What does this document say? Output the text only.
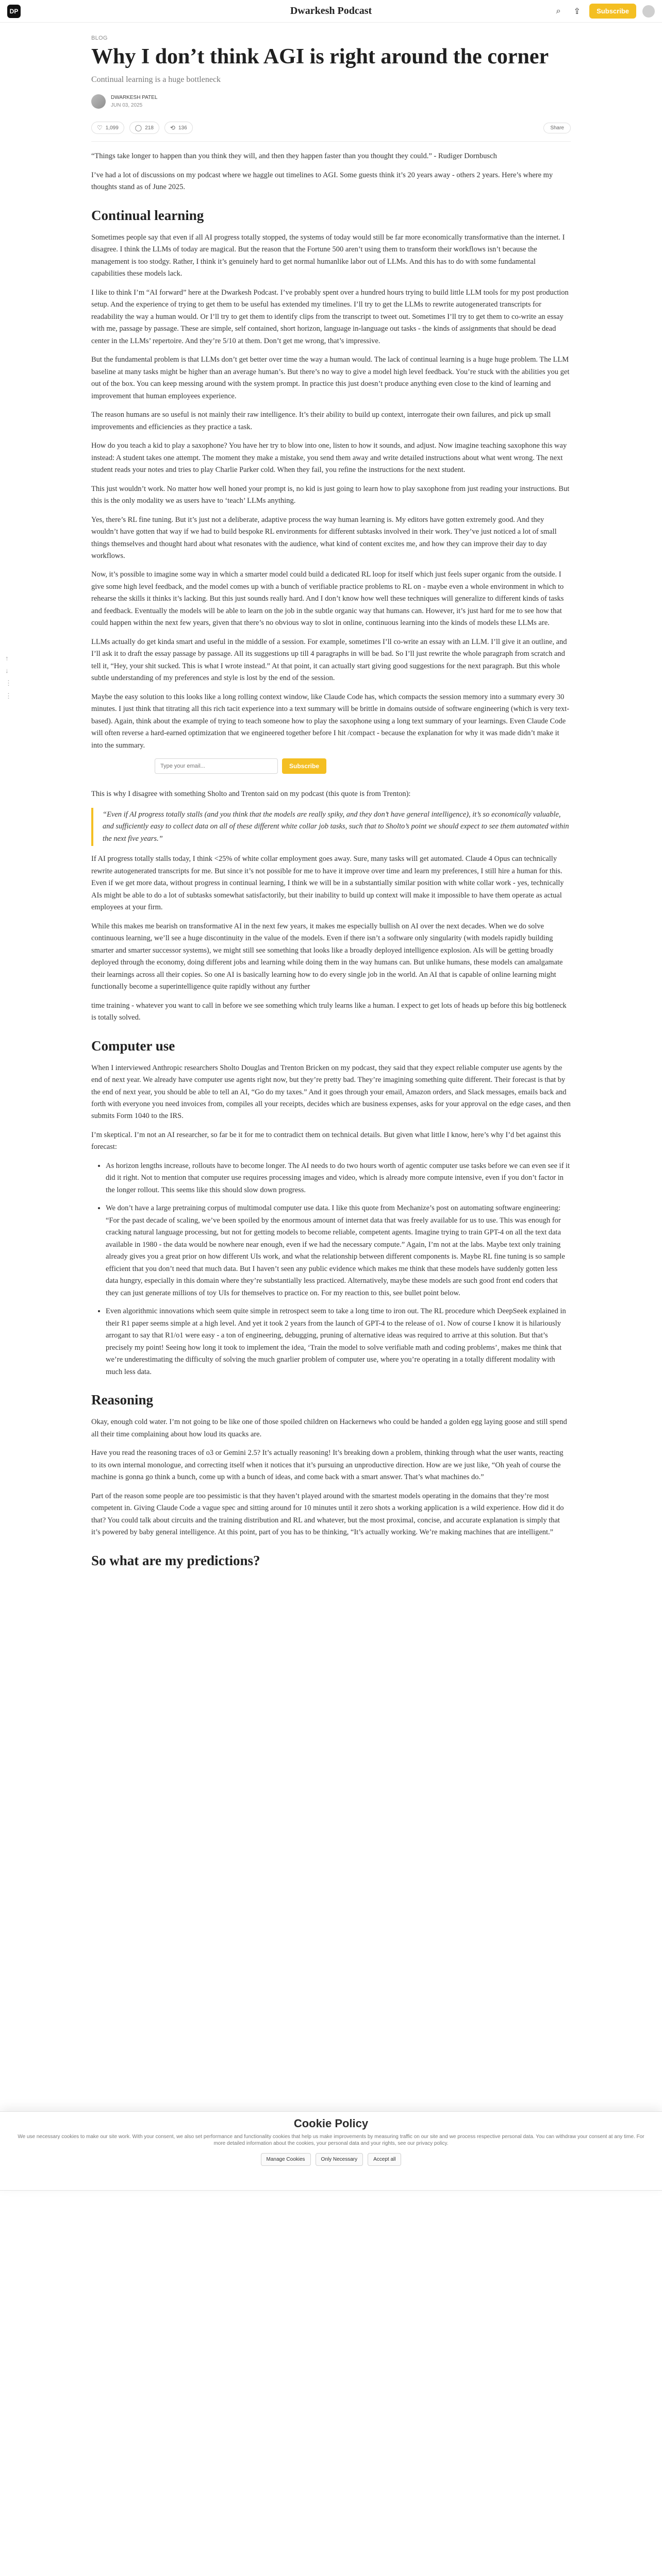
DP	Dwarkesh Podcast	⌕	⇪	Subscribe
↑
↓
⋮
⋮
BLOG
Why I don’t think AGI is right around the corner
Continual learning is a huge bottleneck
DWARKESH PATEL
JUN 03, 2025
♡ 1,099	◯ 218	⟲ 136	Share

“Things take longer to happen than you think they will, and then they happen faster than you thought they could.” - Rudiger Dornbusch

I’ve had a lot of discussions on my podcast where we haggle out timelines to AGI. Some guests think it’s 20 years away - others 2 years. Here’s where my thoughts stand as of June 2025.

Continual learning

Sometimes people say that even if all AI progress totally stopped, the systems of today would still be far more economically transformative than the internet. I disagree. I think the LLMs of today are magical. But the reason that the Fortune 500 aren’t using them to transform their workflows isn’t because the management is too stodgy. Rather, I think it’s genuinely hard to get normal humanlike labor out of LLMs. And this has to do with some fundamental capabilities these models lack.

I like to think I’m “AI forward” here at the Dwarkesh Podcast. I’ve probably spent over a hundred hours trying to build little LLM tools for my post production setup. And the experience of trying to get them to be useful has extended my timelines. I’ll try to get the LLMs to rewrite autogenerated transcripts for readability the way a human would. Or I’ll try to get them to identify clips from the transcript to tweet out. Sometimes I’ll try to get them to co-write an essay with me, passage by passage. These are simple, self contained, short horizon, language in-language out tasks - the kinds of assignments that should be dead center in the LLMs’ repertoire. And they’re 5/10 at them. Don’t get me wrong, that’s impressive.

But the fundamental problem is that LLMs don’t get better over time the way a human would. The lack of continual learning is a huge huge problem. The LLM baseline at many tasks might be higher than an average human’s. But there’s no way to give a model high level feedback. You’re stuck with the abilities you get out of the box. You can keep messing around with the system prompt. In practice this just doesn’t produce anything even close to the kind of learning and improvement that human employees experience.

The reason humans are so useful is not mainly their raw intelligence. It’s their ability to build up context, interrogate their own failures, and pick up small improvements and efficiencies as they practice a task.

How do you teach a kid to play a saxophone? You have her try to blow into one, listen to how it sounds, and adjust. Now imagine teaching saxophone this way instead: A student takes one attempt. The moment they make a mistake, you send them away and write detailed instructions about what went wrong. The next student reads your notes and tries to play Charlie Parker cold. When they fail, you refine the instructions for the next student.

This just wouldn’t work. No matter how well honed your prompt is, no kid is just going to learn how to play saxophone from just reading your instructions. But this is the only modality we as users have to ‘teach’ LLMs anything.

Yes, there’s RL fine tuning. But it’s just not a deliberate, adaptive process the way human learning is. My editors have gotten extremely good. And they wouldn’t have gotten that way if we had to build bespoke RL environments for different subtasks involved in their work. They’ve just noticed a lot of small things themselves and thought hard about what resonates with the audience, what kind of content excites me, and how they can improve their day to day workflows.

Now, it’s possible to imagine some way in which a smarter model could build a dedicated RL loop for itself which just feels super organic from the outside. I give some high level feedback, and the model comes up with a bunch of verifiable practice problems to RL on - maybe even a whole environment in which to rehearse the skills it thinks it’s lacking. But this just sounds really hard. And I don’t know how well these techniques will generalize to different kinds of tasks and feedback. Eventually the models will be able to learn on the job in the subtle organic way that humans can. However, it’s just hard for me to see how that could happen within the next few years, given that there’s no obvious way to slot in online, continuous learning into the kinds of models these LLMs are.

LLMs actually do get kinda smart and useful in the middle of a session. For example, sometimes I’ll co-write an essay with an LLM. I’ll give it an outline, and I’ll ask it to draft the essay passage by passage. All its suggestions up till 4 paragraphs in will be bad. So I’ll just rewrite the whole paragraph from scratch and tell it, “Hey, your shit sucked. This is what I wrote instead.” At that point, it can actually start giving good suggestions for the next paragraph. But this whole subtle understanding of my preferences and style is lost by the end of the session.

Maybe the easy solution to this looks like a long rolling context window, like Claude Code has, which compacts the session memory into a summary every 30 minutes. I just think that titrating all this rich tacit experience into a text summary will be brittle in domains outside of software engineering (which is very text-based). Again, think about the example of trying to teach someone how to play the saxophone using a long text summary of your learnings. Even Claude Code will often reverse a hard-earned optimization that we engineered together before I hit /compact - because the explanation for why it was made didn’t make it into the summary.

Type your email...
Subscribe

This is why I disagree with something Sholto and Trenton said on my podcast (this quote is from Trenton):

“Even if AI progress totally stalls (and you think that the models are really spiky, and they don’t have general intelligence), it’s so economically valuable, and sufficiently easy to collect data on all of these different white collar job tasks, such that to Sholto’s point we should expect to see them automated within the next five years.”

If AI progress totally stalls today, I think <25% of white collar employment goes away. Sure, many tasks will get automated. Claude 4 Opus can technically rewrite autogenerated transcripts for me. But since it’s not possible for me to have it improve over time and learn my preferences, I still hire a human for this. Even if we get more data, without progress in continual learning, I think we will be in a substantially similar position with white collar work - yes, technically AIs might be able to do a lot of subtasks somewhat satisfactorily, but their inability to build up context will make it impossible to have them operate as actual employees at your firm.

While this makes me bearish on transformative AI in the next few years, it makes me especially bullish on AI over the next decades. When we do solve continuous learning, we’ll see a huge discontinuity in the value of the models. Even if there isn’t a software only singularity (with models rapidly building smarter and smarter successor systems), we might still see something that looks like a broadly deployed intelligence explosion. AIs will be getting broadly deployed through the economy, doing different jobs and learning while doing them in the way humans can. But unlike humans, these models can amalgamate their learnings across all their copies. So one AI is basically learning how to do every single job in the world. An AI that is capable of online learning might functionally become a superintelligence quite rapidly without any further

time training - whatever you want to call in before we see something which truly learns like a human. I expect to get lots of heads up before this big bottleneck is totally solved.

Computer use

When I interviewed Anthropic researchers Sholto Douglas and Trenton Bricken on my podcast, they said that they expect reliable computer use agents by the end of next year. We already have computer use agents right now, but they’re pretty bad. They’re imagining something quite different. Their forecast is that by the end of next year, you should be able to tell an AI, “Go do my taxes.” And it goes through your email, Amazon orders, and Slack messages, emails back and forth with everyone you need invoices from, compiles all your receipts, decides which are business expenses, asks for your approval on the edge cases, and then submits Form 1040 to the IRS.

I’m skeptical. I’m not an AI researcher, so far be it for me to contradict them on technical details. But given what little I know, here’s why I’d bet against this forecast:

• As horizon lengths increase, rollouts have to become longer. The AI needs to do two hours worth of agentic computer use tasks before we can even see if it did it right. Not to mention that computer use requires processing images and video, which is already more compute intensive, even if you don’t factor in the longer rollout. This seems like this should slow down progress.
• We don’t have a large pretraining corpus of multimodal computer use data. I like this quote from Mechanize’s post on automating software engineering: “For the past decade of scaling, we’ve been spoiled by the enormous amount of internet data that was freely available for us to use. This was enough for cracking natural language processing, but not for getting models to become reliable, competent agents. Imagine trying to train GPT-4 on all the text data available in 1980 - the data would be nowhere near enough, even if we had the necessary compute.” Again, I’m not at the labs. Maybe text only training already gives you a great prior on how different UIs work, and what the relationship between different components is. Maybe RL fine tuning is so sample efficient that you don’t need that much data. But I haven’t seen any public evidence which makes me think that these models have suddenly gotten less data hungry, especially in this domain where they’re substantially less practiced. Alternatively, maybe these models are such good front end coders that they can just generate millions of toy UIs for themselves to practice on. For my reaction to this, see bullet point below.
• Even algorithmic innovations which seem quite simple in retrospect seem to take a long time to iron out. The RL procedure which DeepSeek explained in their R1 paper seems simple at a high level. And yet it took 2 years from the launch of GPT-4 to the release of o1. Now of course I know it is hilariously arrogant to say that R1/o1 were easy - a ton of engineering, debugging, pruning of alternative ideas was required to arrive at this solution. But that’s precisely my point! Seeing how long it took to implement the idea, ‘Train the model to solve verifiable math and coding problems’, makes me think that we’re underestimating the difficulty of solving the much gnarlier problem of computer use, where you’re operating in a totally different modality with much less data.
Reasoning

Okay, enough cold water. I’m not going to be like one of those spoiled children on Hackernews who could be handed a golden egg laying goose and still spend all their time complaining about how loud its quacks are.

Have you read the reasoning traces of o3 or Gemini 2.5? It’s actually reasoning! It’s breaking down a problem, thinking through what the user wants, reacting to its own internal monologue, and correcting itself when it notices that it’s pursuing an unproductive direction. How are we just like, “Oh yeah of course the machine is gonna go think a bunch, come up with a bunch of ideas, and come back with a smart answer. That’s what machines do.”

Part of the reason some people are too pessimistic is that they haven’t played around with the smartest models operating in the domains that they’re most competent in. Giving Claude Code a vague spec and sitting around for 10 minutes until it zero shots a working application is a wild experience. How did it do that? You could talk about circuits and the training distribution and RL and whatever, but the most proximal, concise, and accurate explanation is simply that it’s powered by baby general intelligence. At this point, part of you has to be thinking, “It’s actually working. We’re making machines that are intelligent.”

So what are my predictions?
Cookie Policy
We use necessary cookies to make our site work. With your consent, we also set performance and functionality cookies that help us make improvements by measuring traffic on our site and we process respective personal data. You can withdraw your consent at any time. For more detailed information about the cookies, your personal data and your rights, see our privacy policy.
Manage Cookies	Only Necessary	Accept all
